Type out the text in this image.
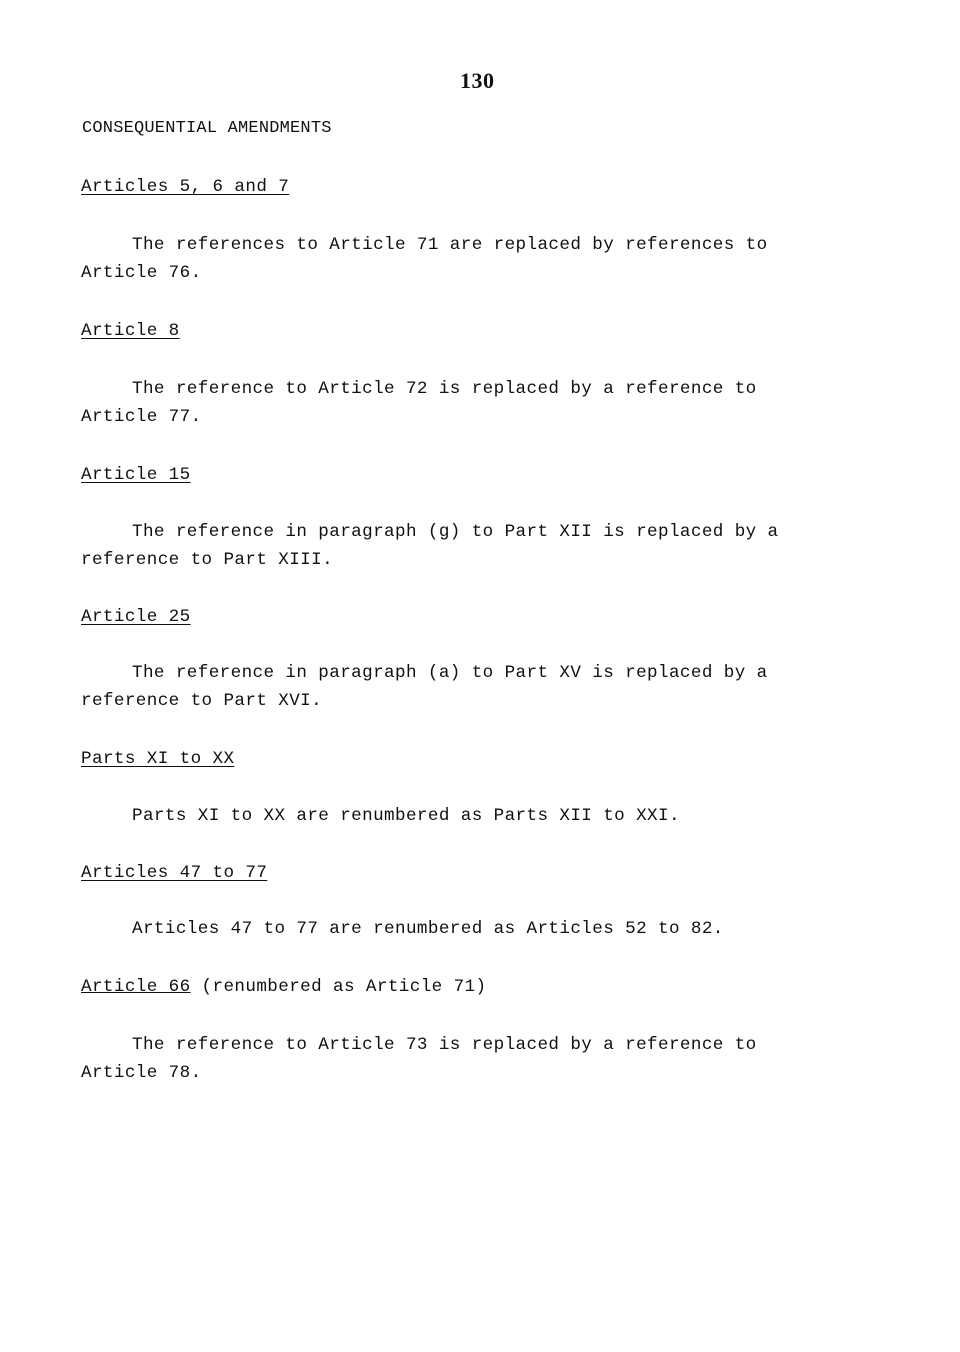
130
CONSEQUENTIAL AMENDMENTS
Articles 5, 6 and 7
The references to Article 71 are replaced by references to
Article 76.
Article 8
The reference to Article 72 is replaced by a reference to
Article 77.
Article 15
The reference in paragraph (g) to Part XII is replaced by a
reference to Part XIII.
Article 25
The reference in paragraph (a) to Part XV is replaced by a
reference to Part XVI.
Parts XI to XX
Parts XI to XX are renumbered as Parts XII to XXI.
Articles 47 to 77
Articles 47 to 77 are renumbered as Articles 52 to 82.
Article 66 (renumbered as Article 71)
The reference to Article 73 is replaced by a reference to
Article 78.
